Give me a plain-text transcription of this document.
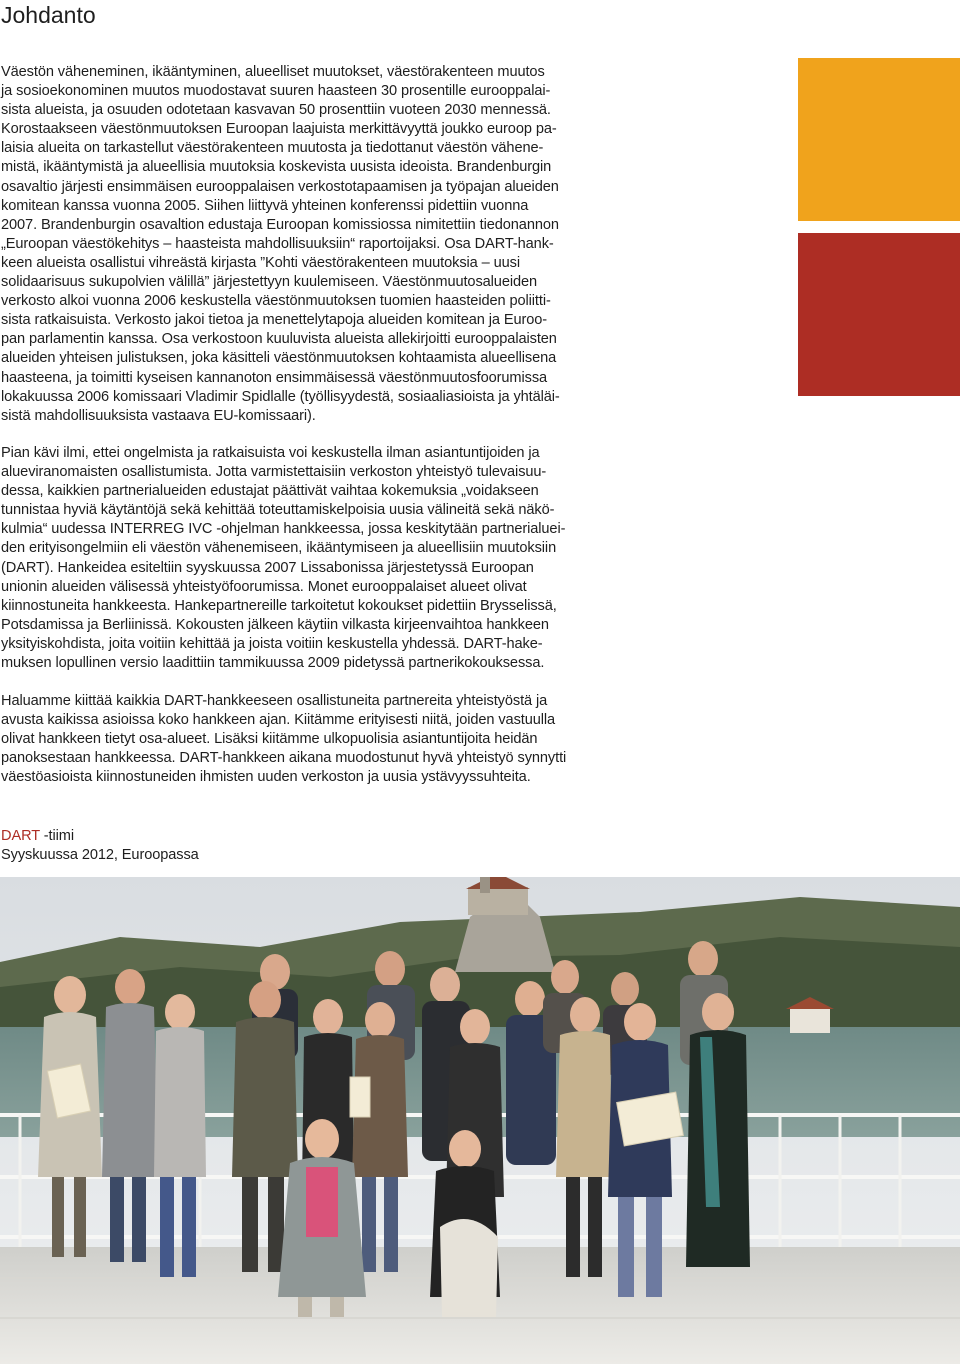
Johdanto

Väestön väheneminen, ikääntyminen, alueelliset muutokset, väestörakenteen muutos
ja sosioekonominen muutos muodostavat suuren haasteen 30 prosentille eurooppalai-
sista alueista, ja osuuden odotetaan kasvavan 50 prosenttiin vuoteen 2030 mennessä.
Korostaakseen väestönmuutoksen Euroopan laajuista merkittävyyttä joukko euroop pa-
laisia alueita on tarkastellut väestörakenteen muutosta ja tiedottanut väestön vähene-
mistä, ikääntymistä ja alueellisia muutoksia koskevista uusista ideoista. Brandenburgin
osavaltio järjesti ensimmäisen eurooppalaisen verkostotapaamisen ja työpajan alueiden
komitean kanssa vuonna 2005. Siihen liittyvä yhteinen konferenssi pidettiin vuonna
2007. Brandenburgin osavaltion edustaja Euroopan komissiossa nimitettiin tiedonannon
„Euroopan väestökehitys – haasteista mahdollisuuksiin“ raportoijaksi. Osa DART-hank-
keen alueista osallistui vihreästä kirjasta ”Kohti väestörakenteen muutoksia – uusi
solidaarisuus sukupolvien välillä” järjestettyyn kuulemiseen. Väestönmuutosalueiden
verkosto alkoi vuonna 2006 keskustella väestönmuutoksen tuomien haasteiden poliitti-
sista ratkaisuista. Verkosto jakoi tietoa ja menettelytapoja alueiden komitean ja Euroo-
pan parlamentin kanssa. Osa verkostoon kuuluvista alueista allekirjoitti eurooppalaisten
alueiden yhteisen julistuksen, joka käsitteli väestönmuutoksen kohtaamista alueellisena
haasteena, ja toimitti kyseisen kannanoton ensimmäisessä väestönmuutosfoorumissa
lokakuussa 2006 komissaari Vladimir Spidlalle (työllisyydestä, sosiaaliasioista ja yhtäläi-
sistä mahdollisuuksista vastaava EU-komissaari).

Pian kävi ilmi, ettei ongelmista ja ratkaisuista voi keskustella ilman asiantuntijoiden ja
alueviranomaisten osallistumista. Jotta varmistettaisiin verkoston yhteistyö tulevaisuu-
dessa, kaikkien partnerialueiden edustajat päättivät vaihtaa kokemuksia „voidakseen
tunnistaa hyviä käytäntöjä sekä kehittää toteuttamiskelpoisia uusia välineitä sekä näkö-
kulmia“ uudessa INTERREG IVC -ohjelman hankkeessa, jossa keskitytään partnerialuei-
den erityisongelmiin eli väestön vähenemiseen, ikääntymiseen ja alueellisiin muutoksiin
(DART). Hankeidea esiteltiin syyskuussa 2007 Lissabonissa järjestetyssä Euroopan
unionin alueiden välisessä yhteistyöfoorumissa. Monet eurooppalaiset alueet olivat
kiinnostuneita hankkeesta. Hankepartnereille tarkoitetut kokoukset pidettiin Brysselissä,
Potsdamissa ja Berliinissä. Kokousten jälkeen käytiin vilkasta kirjeenvaihtoa hankkeen
yksityiskohdista, joita voitiin kehittää ja joista voitiin keskustella yhdessä. DART-hake-
muksen lopullinen versio laadittiin tammikuussa 2009 pidetyssä partnerikokouksessa.

Haluamme kiittää kaikkia DART-hankkeeseen osallistuneita partnereita yhteistyöstä ja
avusta kaikissa asioissa koko hankkeen ajan. Kiitämme erityisesti niitä, joiden vastuulla
olivat hankkeen tietyt osa-alueet. Lisäksi kiitämme ulkopuolisia asiantuntijoita heidän
panoksestaan hankkeessa. DART-hankkeen aikana muodostunut hyvä yhteistyö synnytti
väestöasioista kiinnostuneiden ihmisten uuden verkoston ja uusia ystävyyssuhteita.

DART -tiimi
Syyskuussa 2012, Euroopassa
